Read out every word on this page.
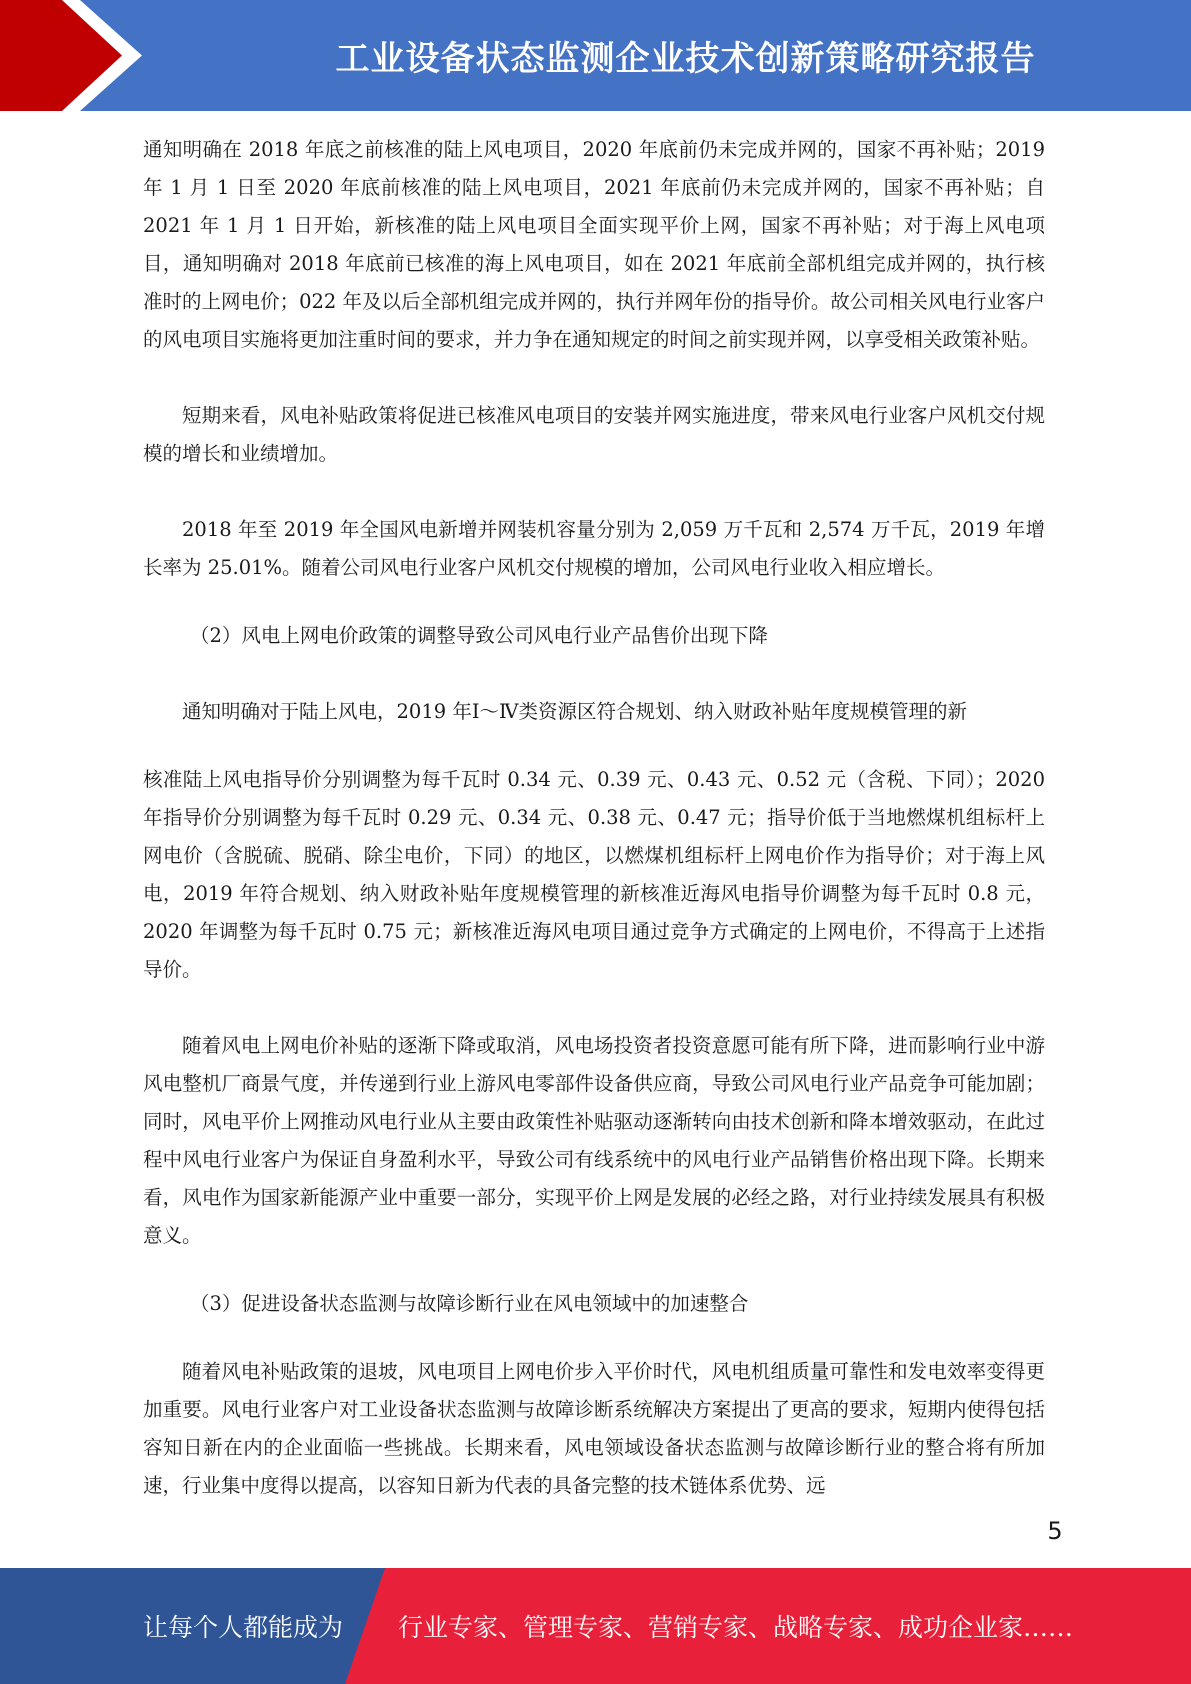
工业设备状态监测企业技术创新策略研究报告

通知明确在 2018 年底之前核准的陆上风电项目，2020 年底前仍未完成并网的，国家不再补贴；2019 年 1 月 1 日至 2020 年底前核准的陆上风电项目，2021 年底前仍未完成并网的，国家不再补贴；自 2021 年 1 月 1 日开始，新核准的陆上风电项目全面实现平价上网，国家不再补贴；对于海上风电项目，通知明确对 2018 年底前已核准的海上风电项目，如在 2021 年底前全部机组完成并网的，执行核准时的上网电价；022 年及以后全部机组完成并网的，执行并网年份的指导价。故公司相关风电行业客户的风电项目实施将更加注重时间的要求，并力争在通知规定的时间之前实现并网，以享受相关政策补贴。

短期来看，风电补贴政策将促进已核准风电项目的安装并网实施进度，带来风电行业客户风机交付规模的增长和业绩增加。

2018 年至 2019 年全国风电新增并网装机容量分别为 2,059 万千瓦和 2,574 万千瓦，2019 年增长率为 25.01%。随着公司风电行业客户风机交付规模的增加，公司风电行业收入相应增长。

（2）风电上网电价政策的调整导致公司风电行业产品售价出现下降

通知明确对于陆上风电，2019 年Ⅰ～Ⅳ类资源区符合规划、纳入财政补贴年度规模管理的新

核准陆上风电指导价分别调整为每千瓦时 0.34 元、0.39 元、0.43 元、0.52 元（含税、下同）；2020 年指导价分别调整为每千瓦时 0.29 元、0.34 元、0.38 元、0.47 元；指导价低于当地燃煤机组标杆上网电价（含脱硫、脱硝、除尘电价，下同）的地区，以燃煤机组标杆上网电价作为指导价；对于海上风电，2019 年符合规划、纳入财政补贴年度规模管理的新核准近海风电指导价调整为每千瓦时 0.8 元，2020 年调整为每千瓦时 0.75 元；新核准近海风电项目通过竞争方式确定的上网电价，不得高于上述指导价。

随着风电上网电价补贴的逐渐下降或取消，风电场投资者投资意愿可能有所下降，进而影响行业中游风电整机厂商景气度，并传递到行业上游风电零部件设备供应商，导致公司风电行业产品竞争可能加剧；同时，风电平价上网推动风电行业从主要由政策性补贴驱动逐渐转向由技术创新和降本增效驱动，在此过程中风电行业客户为保证自身盈利水平，导致公司有线系统中的风电行业产品销售价格出现下降。长期来看，风电作为国家新能源产业中重要一部分，实现平价上网是发展的必经之路，对行业持续发展具有积极意义。

（3）促进设备状态监测与故障诊断行业在风电领域中的加速整合

随着风电补贴政策的退坡，风电项目上网电价步入平价时代，风电机组质量可靠性和发电效率变得更加重要。风电行业客户对工业设备状态监测与故障诊断系统解决方案提出了更高的要求，短期内使得包括容知日新在内的企业面临一些挑战。长期来看，风电领域设备状态监测与故障诊断行业的整合将有所加速，行业集中度得以提高，以容知日新为代表的具备完整的技术链体系优势、远

5
让每个人都能成为 行业专家、管理专家、营销专家、战略专家、成功企业家……
